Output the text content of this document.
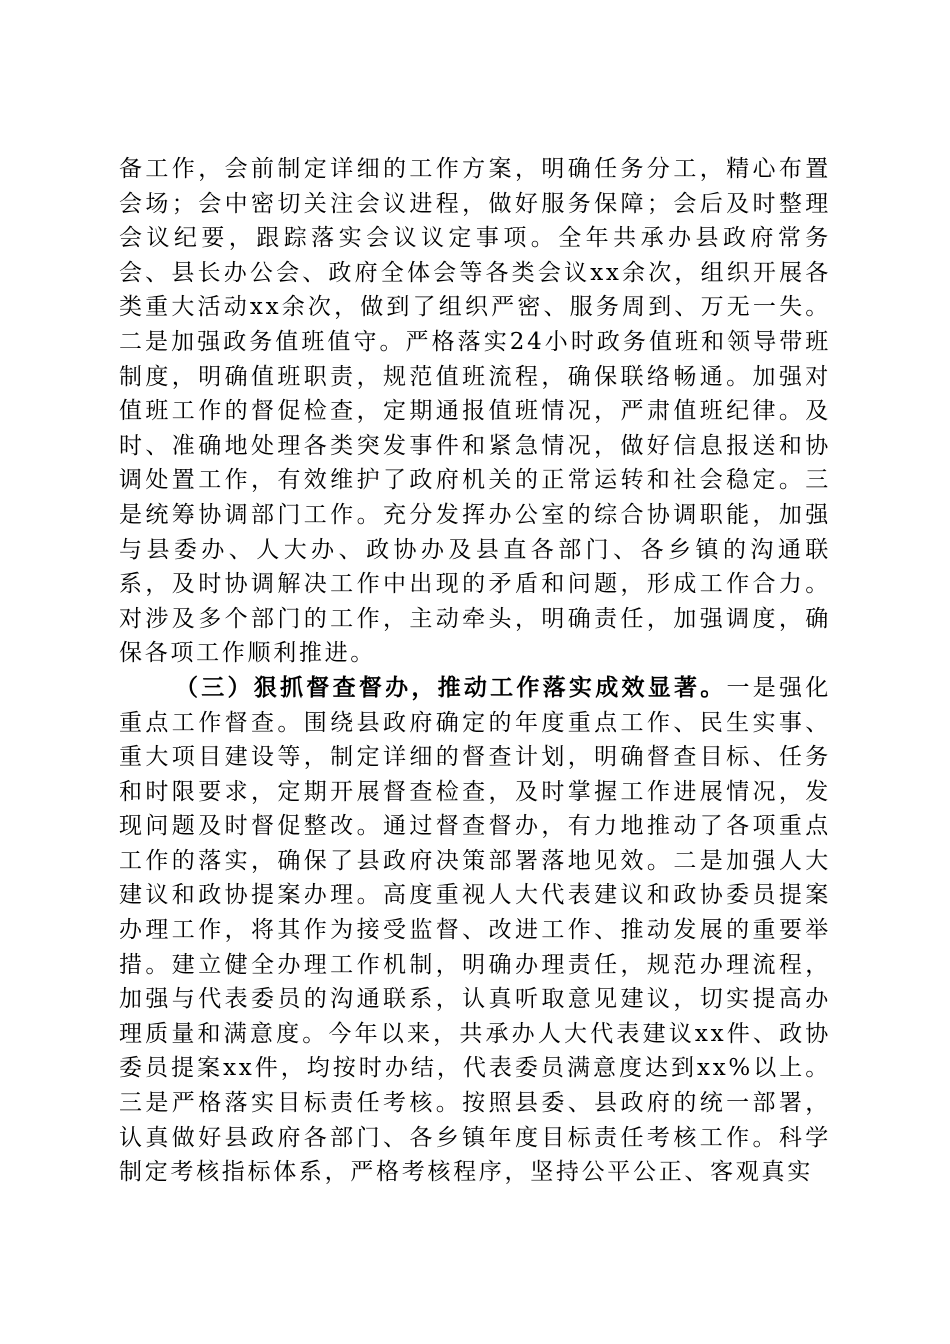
备工作，会前制定详细的工作方案，明确任务分工，精心布置会场；会中密切关注会议进程，做好服务保障；会后及时整理会议纪要，跟踪落实会议议定事项。全年共承办县政府常务会、县长办公会、政府全体会等各类会议xx余次，组织开展各类重大活动xx余次，做到了组织严密、服务周到、万无一失。二是加强政务值班值守。严格落实24小时政务值班和领导带班制度，明确值班职责，规范值班流程，确保联络畅通。加强对值班工作的督促检查，定期通报值班情况，严肃值班纪律。及时、准确地处理各类突发事件和紧急情况，做好信息报送和协调处置工作，有效维护了政府机关的正常运转和社会稳定。三是统筹协调部门工作。充分发挥办公室的综合协调职能，加强与县委办、人大办、政协办及县直各部门、各乡镇的沟通联系，及时协调解决工作中出现的矛盾和问题，形成工作合力。对涉及多个部门的工作，主动牵头，明确责任，加强调度，确保各项工作顺利推进。

（三）狠抓督查督办，推动工作落实成效显著。一是强化重点工作督查。围绕县政府确定的年度重点工作、民生实事、重大项目建设等，制定详细的督查计划，明确督查目标、任务和时限要求，定期开展督查检查，及时掌握工作进展情况，发现问题及时督促整改。通过督查督办，有力地推动了各项重点工作的落实，确保了县政府决策部署落地见效。二是加强人大建议和政协提案办理。高度重视人大代表建议和政协委员提案办理工作，将其作为接受监督、改进工作、推动发展的重要举措。建立健全办理工作机制，明确办理责任，规范办理流程，加强与代表委员的沟通联系，认真听取意见建议，切实提高办理质量和满意度。今年以来，共承办人大代表建议xx件、政协委员提案xx件，均按时办结，代表委员满意度达到xx%以上。三是严格落实目标责任考核。按照县委、县政府的统一部署，认真做好县政府各部门、各乡镇年度目标责任考核工作。科学制定考核指标体系，严格考核程序，坚持公平公正、客观真实
